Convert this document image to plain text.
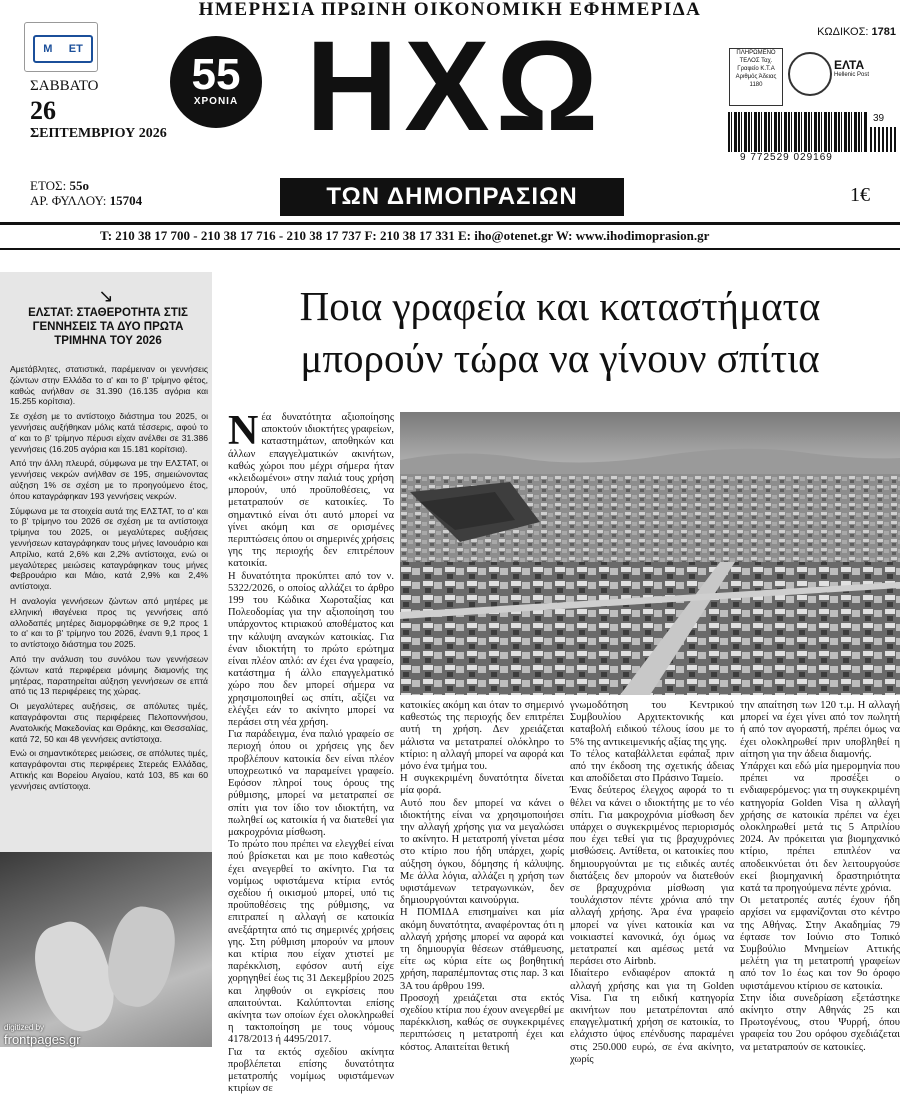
ΗΜΕΡΗΣΙΑ ΠΡΩΙΝΗ ΟΙΚΟΝΟΜΙΚΗ ΕΦΗΜΕΡΙΔΑ
Μ ΕΤ
ΣΑΒΒΑΤΟ
26
ΣΕΠΤΕΜΒΡΙΟΥ 2026
ΕΤΟΣ: 55ο
ΑΡ. ΦΥΛΛΟΥ: 15704
55
ΧΡΟΝΙΑ ΗΧΩ
ΤΩΝ ΔΗΜΟΠΡΑΣΙΩΝ
ΚΩΔΙΚΟΣ: 1781
ΠΛΗΡΩΜΕΝΟ ΤΕΛΟΣ Ταχ. Γραφείο Κ.Τ.Α Αριθμός Άδειας 1180
ΕΛΤΑ
Hellenic Post
39
9 772529 029169
1€
T: 210 38 17 700 - 210 38 17 716 - 210 38 17 737 F: 210 38 17 331 E: iho@otenet.gr W: www.ihodimoprasion.gr
↘
ΕΛΣΤΑΤ: ΣΤΑΘΕΡΟΤΗΤΑ ΣΤΙΣ ΓΕΝΝΗΣΕΙΣ ΤΑ ΔΥΟ ΠΡΩΤΑ ΤΡΙΜΗΝΑ ΤΟΥ 2026

Αμετάβλητες, στατιστικά, παρέμειναν οι γεννήσεις ζώντων στην Ελλάδα το α' και το β' τρίμηνο φέτος, καθώς ανήλθαν σε 31.390 (16.135 αγόρια και 15.255 κορίτσια).

Σε σχέση με το αντίστοιχο διάστημα του 2025, οι γεννήσεις αυξήθηκαν μόλις κατά τέσσερις, αφού το α' και το β' τρίμηνο πέρυσι είχαν ανέλθει σε 31.386 γεννήσεις (16.205 αγόρια και 15.181 κορίτσια).

Από την άλλη πλευρά, σύμφωνα με την ΕΛΣΤΑΤ, οι γεννήσεις νεκρών ανήλθαν σε 195, σημειώνοντας αύξηση 1% σε σχέση με το προηγούμενο έτος, όπου καταγράφηκαν 193 γεννήσεις νεκρών.

Σύμφωνα με τα στοιχεία αυτά της ΕΛΣΤΑΤ, το α' και το β' τρίμηνο του 2026 σε σχέση με τα αντίστοιχα τρίμηνα του 2025, οι μεγαλύτερες αυξήσεις γεννήσεων καταγράφηκαν τους μήνες Ιανουάριο και Απρίλιο, κατά 2,6% και 2,2% αντίστοιχα, ενώ οι μεγαλύτερες μειώσεις καταγράφηκαν τους μήνες Φεβρουάριο και Μάιο, κατά 2,9% και 2,4% αντίστοιχα.

Η αναλογία γεννήσεων ζώντων από μητέρες με ελληνική ιθαγένεια προς τις γεννήσεις από αλλοδαπές μητέρες διαμορφώθηκε σε 9,2 προς 1 το α' και το β' τρίμηνο του 2026, έναντι 9,1 προς 1 το αντίστοιχο διάστημα του 2025.

Από την ανάλυση του συνόλου των γεννήσεων ζώντων κατά περιφέρεια μόνιμης διαμονής της μητέρας, παρατηρείται αύξηση γεννήσεων σε επτά από τις 13 περιφέρειες της χώρας.

Οι μεγαλύτερες αυξήσεις, σε απόλυτες τιμές, καταγράφονται στις περιφέρειες Πελοποννήσου, Ανατολικής Μακεδονίας και Θράκης, και Θεσσαλίας, κατά 72, 50 και 48 γεννήσεις αντίστοιχα.

Ενώ οι σημαντικότερες μειώσεις, σε απόλυτες τιμές, καταγράφονται στις περιφέρειες Στερεάς Ελλάδας, Αττικής και Βορείου Αιγαίου, κατά 103, 85 και 60 γεννήσεις αντίστοιχα.

Ποια γραφεία και καταστήματα
μπορούν τώρα να γίνουν σπίτια
Ν έα δυνατότητα αξιοποίησης αποκτούν ιδιοκτήτες γραφείων, καταστημάτων, αποθηκών και άλλων επαγγελματικών ακινήτων, καθώς χώροι που μέχρι σήμερα ήταν «κλειδωμένοι» στην παλιά τους χρήση μπορούν, υπό προϋποθέσεις, να μετατραπούν σε κατοικίες. Το σημαντικό είναι ότι αυτό μπορεί να γίνει ακόμη και σε ορισμένες περιπτώσεις όπου οι σημερινές χρήσεις γης της περιοχής δεν επιτρέπουν κατοικία.

Η δυνατότητα προκύπτει από τον ν. 5322/2026, ο οποίος αλλάζει το άρθρο 199 του Κώδικα Χωροταξίας και Πολεοδομίας για την αξιοποίηση του υπάρχοντος κτιριακού αποθέματος και την κάλυψη αναγκών κατοικίας. Για έναν ιδιοκτήτη το πρώτο ερώτημα είναι πλέον απλό: αν έχει ένα γραφείο, κατάστημα ή άλλο επαγγελματικό χώρο που δεν μπορεί σήμερα να χρησιμοποιηθεί ως σπίτι, αξίζει να ελέγξει εάν το ακίνητο μπορεί να περάσει στη νέα χρήση.

Για παράδειγμα, ένα παλιό γραφείο σε περιοχή όπου οι χρήσεις γης δεν προβλέπουν κατοικία δεν είναι πλέον υποχρεωτικό να παραμείνει γραφείο. Εφόσον πληροί τους όρους της ρύθμισης, μπορεί να μετατραπεί σε σπίτι για τον ίδιο τον ιδιοκτήτη, να πωληθεί ως κατοικία ή να διατεθεί για μακροχρόνια μίσθωση.

Το πρώτο που πρέπει να ελεγχθεί είναι πού βρίσκεται και με ποιο καθεστώς έχει ανεγερθεί το ακίνητο. Για τα νομίμως υφιστάμενα κτίρια εντός σχεδίου ή οικισμού μπορεί, υπό τις προϋποθέσεις της ρύθμισης, να επιτραπεί η αλλαγή σε κατοικία ανεξάρτητα από τις σημερινές χρήσεις γης. Στη ρύθμιση μπορούν να μπουν και κτίρια που είχαν χτιστεί με παρέκκλιση, εφόσον αυτή είχε χορηγηθεί έως τις 31 Δεκεμβρίου 2025 και ληφθούν οι εγκρίσεις που απαιτούνται. Καλύπτονται επίσης ακίνητα των οποίων έχει ολοκληρωθεί η τακτοποίηση με τους νόμους 4178/2013 ή 4495/2017.

Για τα εκτός σχεδίου ακίνητα προβλέπεται επίσης δυνατότητα μετατροπής νομίμως υφιστάμενων κτιρίων σε

κατοικίες ακόμη και όταν το σημερινό καθεστώς της περιοχής δεν επιτρέπει αυτή τη χρήση. Δεν χρειάζεται μάλιστα να μετατραπεί ολόκληρο το κτίριο: η αλλαγή μπορεί να αφορά και μόνο ένα τμήμα του.

Η συγκεκριμένη δυνατότητα δίνεται μία φορά.

Αυτό που δεν μπορεί να κάνει ο ιδιοκτήτης είναι να χρησιμοποιήσει την αλλαγή χρήσης για να μεγαλώσει το ακίνητο. Η μετατροπή γίνεται μέσα στο κτίριο που ήδη υπάρχει, χωρίς αύξηση όγκου, δόμησης ή κάλυψης. Με άλλα λόγια, αλλάζει η χρήση των υφιστάμενων τετραγωνικών, δεν δημιουργούνται καινούργια.

Η ΠΟΜΙΔΑ επισημαίνει και μία ακόμη δυνατότητα, αναφέροντας ότι η αλλαγή χρήσης μπορεί να αφορά και τη δημιουργία θέσεων στάθμευσης, είτε ως κύρια είτε ως βοηθητική χρήση, παραπέμποντας στις παρ. 3 και 3Α του άρθρου 199.

Προσοχή χρειάζεται στα εκτός σχεδίου κτίρια που έχουν ανεγερθεί με παρέκκλιση, καθώς σε συγκεκριμένες περιπτώσεις η μετατροπή έχει και κόστος. Απαιτείται θετική

γνωμοδότηση του Κεντρικού Συμβουλίου Αρχιτεκτονικής και καταβολή ειδικού τέλους ίσου με το 5% της αντικειμενικής αξίας της γης.

Το τέλος καταβάλλεται εφάπαξ πριν από την έκδοση της σχετικής άδειας και αποδίδεται στο Πράσινο Ταμείο.

Ένας δεύτερος έλεγχος αφορά το τι θέλει να κάνει ο ιδιοκτήτης με το νέο σπίτι. Για μακροχρόνια μίσθωση δεν υπάρχει ο συγκεκριμένος περιορισμός που έχει τεθεί για τις βραχυχρόνιες μισθώσεις. Αντίθετα, οι κατοικίες που δημιουργούνται με τις ειδικές αυτές διατάξεις δεν μπορούν να διατεθούν σε βραχυχρόνια μίσθωση για τουλάχιστον πέντε χρόνια από την αλλαγή χρήσης. Άρα ένα γραφείο μπορεί να γίνει κατοικία και να νοικιαστεί κανονικά, όχι όμως να μετατραπεί και αμέσως μετά να περάσει στο Airbnb.

Ιδιαίτερο ενδιαφέρον αποκτά η αλλαγή χρήσης και για τη Golden Visa. Για τη ειδική κατηγορία ακινήτων που μετατρέπονται από επαγγελματική χρήση σε κατοικία, το ελάχιστο ύψος επένδυσης παραμένει στις 250.000 ευρώ, σε ένα ακίνητο, χωρίς

την απαίτηση των 120 τ.μ. Η αλλαγή μπορεί να έχει γίνει από τον πωλητή ή από τον αγοραστή, πρέπει όμως να έχει ολοκληρωθεί πριν υποβληθεί η αίτηση για την άδεια διαμονής.

Υπάρχει και εδώ μία ημερομηνία που πρέπει να προσέξει ο ενδιαφερόμενος: για τη συγκεκριμένη κατηγορία Golden Visa η αλλαγή χρήσης σε κατοικία πρέπει να έχει ολοκληρωθεί μετά τις 5 Απριλίου 2024. Αν πρόκειται για βιομηχανικό κτίριο, πρέπει επιπλέον να αποδεικνύεται ότι δεν λειτουργούσε εκεί βιομηχανική δραστηριότητα κατά τα προηγούμενα πέντε χρόνια.

Οι μετατροπές αυτές έχουν ήδη αρχίσει να εμφανίζονται στο κέντρο της Αθήνας. Στην Ακαδημίας 79 έφτασε τον Ιούνιο στο Τοπικό Συμβούλιο Μνημείων Αττικής μελέτη για τη μετατροπή γραφείων από τον 1ο έως και τον 9ο όροφο υφιστάμενου κτίριου σε κατοικία.

Στην ίδια συνεδρίαση εξετάστηκε ακίνητο στην Αθηνάς 25 και Πρωτογένους, στου Ψυρρή, όπου γραφεία του 2ου ορόφου σχεδιάζεται να μετατραπούν σε κατοικίες.

digitized by
frontpages.gr
